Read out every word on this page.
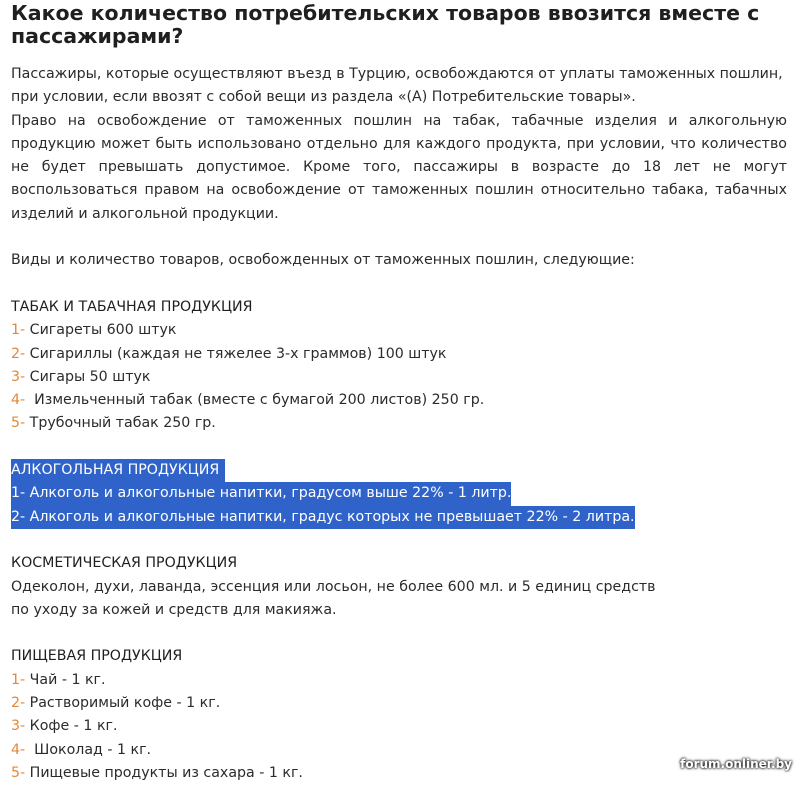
Какое количество потребительских товаров ввозится вместе с пассажирами?

Пассажиры, которые осуществляют въезд в Турцию, освобождаются от уплаты таможенных пошлин, при условии, если ввозят с собой вещи из раздела «(А) Потребительские товары».

Право на освобождение от таможенных пошлин на табак, табачные изделия и алкогольную продукцию может быть использовано отдельно для каждого продукта, при условии, что количество не будет превышать допустимое. Кроме того, пассажиры в возрасте до 18 лет не могут воспользоваться правом на освобождение от таможенных пошлин относительно табака, табачных изделий и алкогольной продукции.

Виды и количество товаров, освобожденных от таможенных пошлин, следующие:

ТАБАК И ТАБАЧНАЯ ПРОДУКЦИЯ
1- Сигареты 600 штук
2- Сигариллы (каждая не тяжелее 3-х граммов) 100 штук
3- Сигары 50 штук
4-  Измельченный табак (вместе с бумагой 200 листов) 250 гр.
5- Трубочный табак 250 гр.
АЛКОГОЛЬНАЯ ПРОДУКЦИЯ
1- Алкоголь и алкогольные напитки, градусом выше 22% - 1 литр.
2- Алкоголь и алкогольные напитки, градус которых не превышает 22% - 2 литра.
КОСМЕТИЧЕСКАЯ ПРОДУКЦИЯ
Одеколон, духи, лаванда, эссенция или лосьон, не более 600 мл. и 5 единиц средств
по уходу за кожей и средств для макияжа.
ПИЩЕВАЯ ПРОДУКЦИЯ
1- Чай - 1 кг.
2- Растворимый кофе - 1 кг.
3- Кофе - 1 кг.
4-  Шоколад - 1 кг.
5- Пищевые продукты из сахара - 1 кг.
forum.onliner.by
